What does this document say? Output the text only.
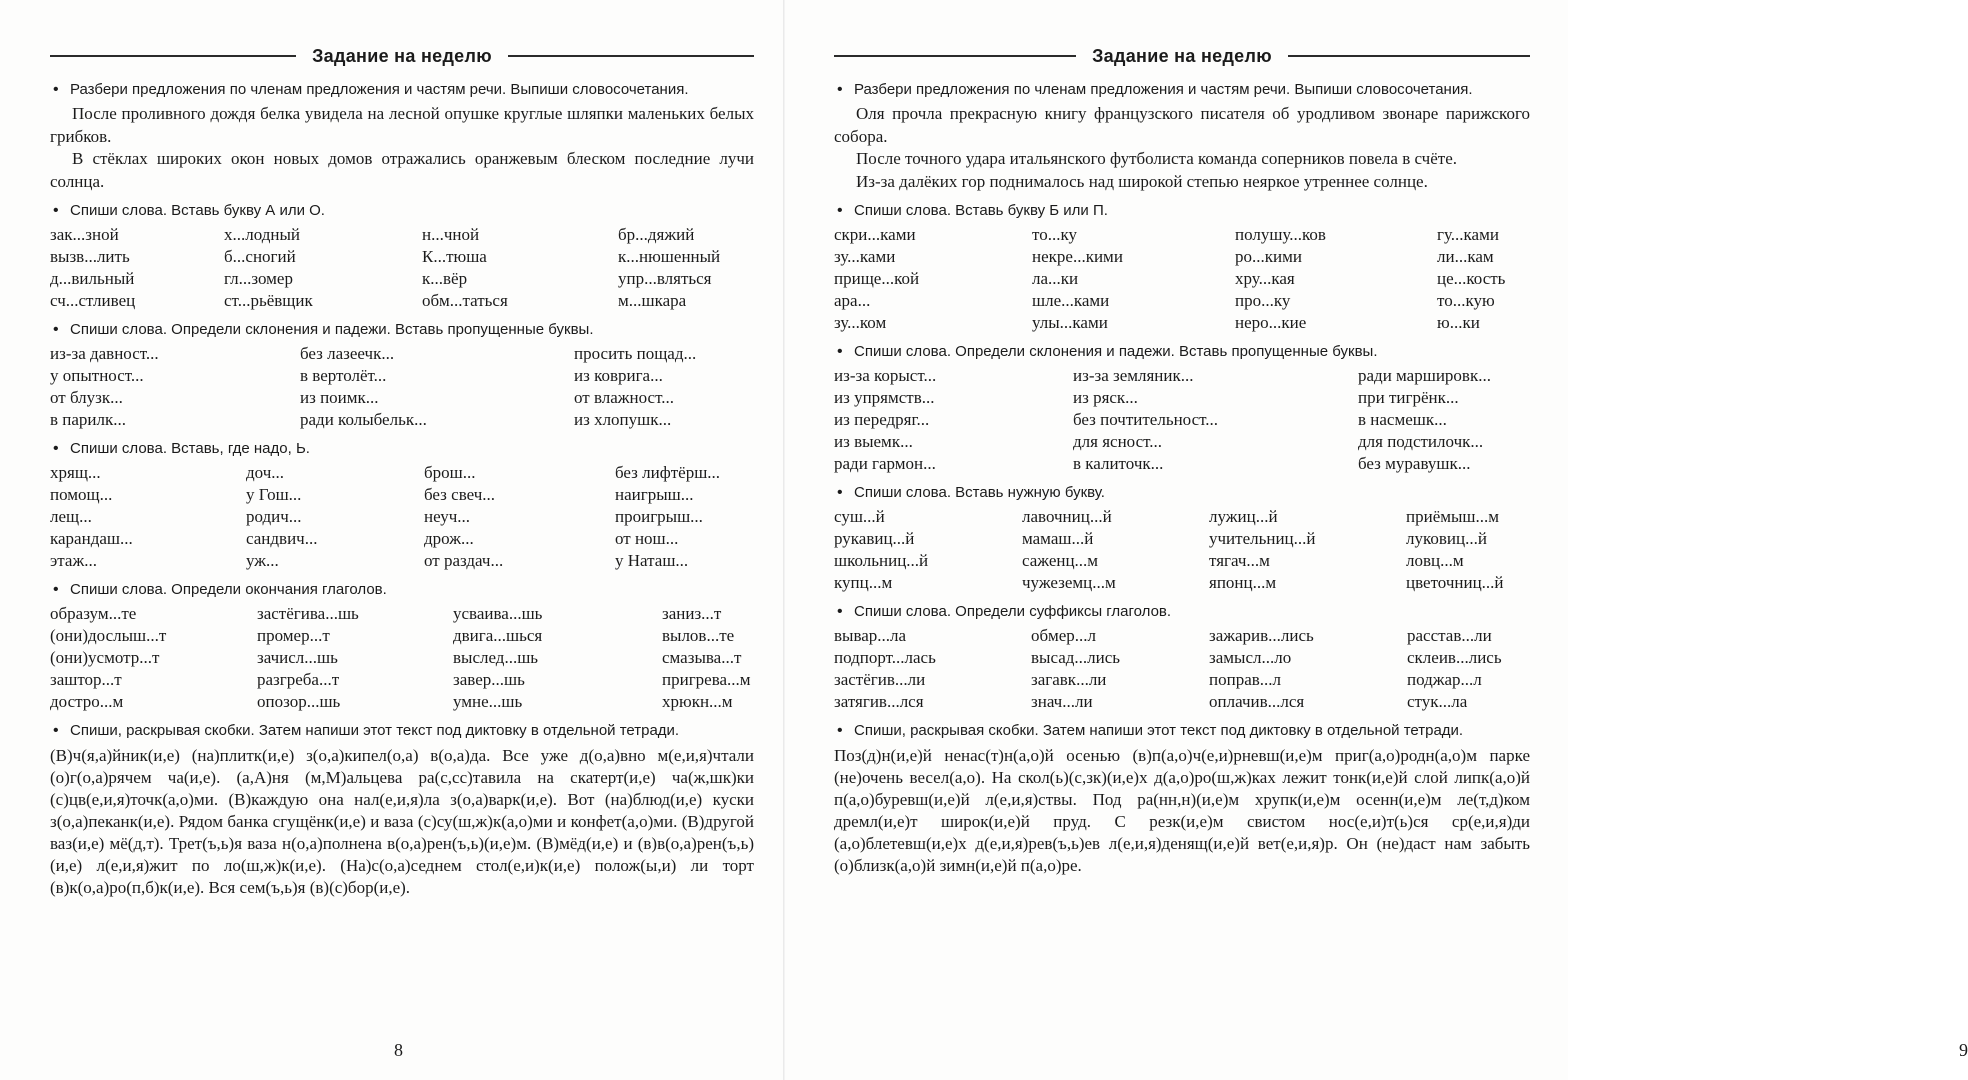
Задание на неделю
• Разбери предложения по членам предложения и частям речи. Выпиши словосочетания.
После проливного дождя белка увидела на лесной опушке круглые шляпки маленьких белых грибков.
В стёклах широких окон новых домов отражались оранжевым блеском последние лучи солнца.
• Спиши слова. Вставь букву А или О.
зак...зной	х...лодный	н...чной	бр...дяжий
вызв...лить	б...сногий	К...тюша	к...нюшенный
д...вильный	гл...зомер	к...вёр	упр...вляться
сч...стливец	ст...рьёвщик	обм...таться	м...шкара
• Спиши слова. Определи склонения и падежи. Вставь пропущенные буквы.
из-за давност...	без лазеечк...	просить пощад...
у опытност...	в вертолёт...	из коврига...
от блузк...	из поимк...	от влажност...
в парилк...	ради колыбельк...	из хлопушк...
• Спиши слова. Вставь, где надо, Ь.
хрящ...	доч...	брош...	без лифтёрш...
помощ...	у Гош...	без свеч...	наигрыш...
лещ...	родич...	неуч...	проигрыш...
карандаш...	сандвич...	дрож...	от нош...
этаж...	уж...	от раздач...	у Наташ...
• Спиши слова. Определи окончания глаголов.
образум...те	застёгива...шь	усваива...шь	заниз...т
(они)дослыш...т	промер...т	двига...шься	вылов...те
(они)усмотр...т	зачисл...шь	выслед...шь	смазыва...т
заштор...т	разгреба...т	завер...шь	пригрева...м
достро...м	опозор...шь	умне...шь	хрюкн...м
• Спиши, раскрывая скобки. Затем напиши этот текст под диктовку в отдельной тетради.
(В)ч(я,а)йник(и,е) (на)плитк(и,е) з(о,а)кипел(о,а) в(о,а)да. Все уже д(о,а)вно м(е,и,я)чтали (о)г(о,а)рячем ча(и,е). (а,А)ня (м,М)альцева ра(с,сс)тавила на скатерт(и,е) ча(ж,шк)ки (с)цв(е,и,я)точк(а,о)ми. (В)каждую она нал(е,и,я)ла з(о,а)варк(и,е). Вот (на)блюд(и,е) куски з(о,а)пеканк(и,е). Рядом банка сгущёнк(и,е) и ваза (с)су(ш,ж)к(а,о)ми и конфет(а,о)ми. (В)другой ваз(и,е) мё(д,т). Трет(ъ,ь)я ваза н(о,а)полнена в(о,а)рен(ъ,ь)(и,е)м. (В)мёд(и,е) и (в)в(о,а)рен(ъ,ь)(и,е) л(е,и,я)жит по ло(ш,ж)к(и,е). (На)с(о,а)седнем стол(е,и)к(и,е) полож(ы,и) ли торт (в)к(о,а)ро(п,б)к(и,е). Вся сем(ъ,ь)я (в)(с)бор(и,е).
8
Задание на неделю
• Разбери предложения по членам предложения и частям речи. Выпиши словосочетания.
Оля прочла прекрасную книгу французского писателя об уродливом звонаре парижского собора.
После точного удара итальянского футболиста команда соперников повела в счёте.
Из-за далёких гор поднималось над широкой степью неяркое утреннее солнце.
• Спиши слова. Вставь букву Б или П.
скри...ками	то...ку	полушу...ков	гу...ками
зу...ками	некре...кими	ро...кими	ли...кам
прище...кой	ла...ки	хру...кая	це...кость
ара...	шле...ками	про...ку	то...кую
зу...ком	улы...ками	неро...кие	ю...ки
• Спиши слова. Определи склонения и падежи. Вставь пропущенные буквы.
из-за корыст...	из-за земляник...	ради маршировк...
из упрямств...	из ряск...	при тигрёнк...
из передряг...	без почтительност...	в насмешк...
из выемк...	для ясност...	для подстилочк...
ради гармон...	в калиточк...	без муравушк...
• Спиши слова. Вставь нужную букву.
суш...й	лавочниц...й	лужиц...й	приёмыш...м
рукавиц...й	мамаш...й	учительниц...й	луковиц...й
школьниц...й	саженц...м	тягач...м	ловц...м
купц...м	чужеземц...м	японц...м	цветочниц...й
• Спиши слова. Определи суффиксы глаголов.
вывар...ла	обмер...л	зажарив...лись	расстав...ли
подпорт...лась	высад...лись	замысл...ло	склеив...лись
застёгив...ли	загавк...ли	поправ...л	поджар...л
затягив...лся	знач...ли	оплачив...лся	стук...ла
• Спиши, раскрывая скобки. Затем напиши этот текст под диктовку в отдельной тетради.
Поз(д)н(и,е)й ненас(т)н(а,о)й осенью (в)п(а,о)ч(е,и)рневш(и,е)м приг(а,о)родн(а,о)м парке (не)очень весел(а,о). На скол(ь)(с,зк)(и,е)х д(а,о)ро(ш,ж)ках лежит тонк(и,е)й слой липк(а,о)й п(а,о)буревш(и,е)й л(е,и,я)ствы. Под ра(нн,н)(и,е)м хрупк(и,е)м осенн(и,е)м ле(т,д)ком дремл(и,е)т широк(и,е)й пруд. С резк(и,е)м свистом нос(е,и)т(ь)ся ср(е,и,я)ди (а,о)блетевш(и,е)х д(е,и,я)рев(ъ,ь)ев л(е,и,я)денящ(и,е)й вет(е,и,я)р. Он (не)даст нам забыть (о)близк(а,о)й зимн(и,е)й п(а,о)ре.
9
